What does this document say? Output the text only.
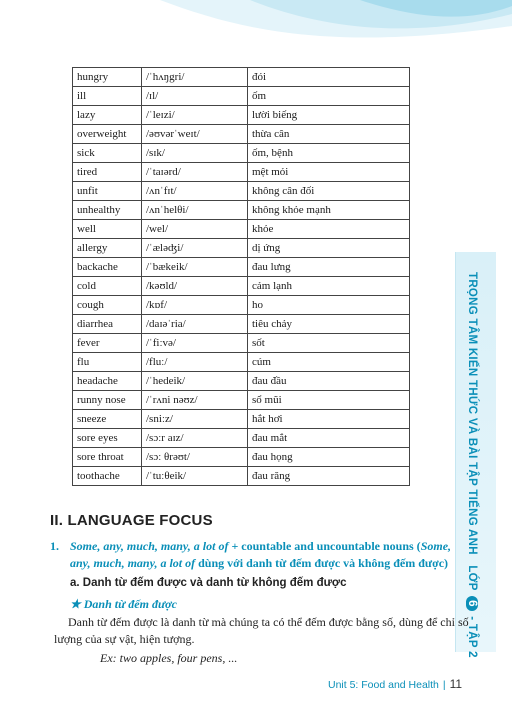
hungry	/ˈhʌŋgri/	đói
ill	/ɪl/	ốm
lazy	/ˈleɪzi/	lười biếng
overweight	/əʊvərˈweɪt/	thừa cân
sick	/sɪk/	ốm, bệnh
tired	/ˈtaɪərd/	mệt mỏi
unfit	/ʌnˈfɪt/	không cân đối
unhealthy	/ʌnˈhelθi/	không khỏe mạnh
well	/wel/	khỏe
allergy	/ˈæləʤi/	dị ứng
backache	/ˈbækeik/	đau lưng
cold	/kəʊld/	cảm lạnh
cough	/kɒf/	ho
diarrhea	/daɪəˈria/	tiêu chảy
fever	/ˈfiːvə/	sốt
flu	/fluː/	cúm
headache	/ˈhedeik/	đau đầu
runny nose	/ˈrʌni nəʊz/	sổ mũi
sneeze	/sniːz/	hắt hơi
sore eyes	/sɔːr aɪz/	đau mắt
sore throat	/sɔː θrəʊt/	đau họng
toothache	/ˈtuːθeik/	đau răng	TRỌNG TÂM KIẾN THỨC VÀ BÀI TẬP TIẾNG ANH   LỚP 6 - TẬP 2
II. LANGUAGE FOCUS
1. Some, any, much, many, a lot of + countable and uncountable nouns (Some, any, much, many, a lot of dùng với danh từ đếm được và không đếm được)
a. Danh từ đếm được và danh từ không đếm được
★ Danh từ đếm được
Danh từ đếm được là danh từ mà chúng ta có thể đếm được bằng số, dùng để chỉ số lượng của sự vật, hiện tượng.
Ex: two apples, four pens, ...
Unit 5: Food and Health | 11
